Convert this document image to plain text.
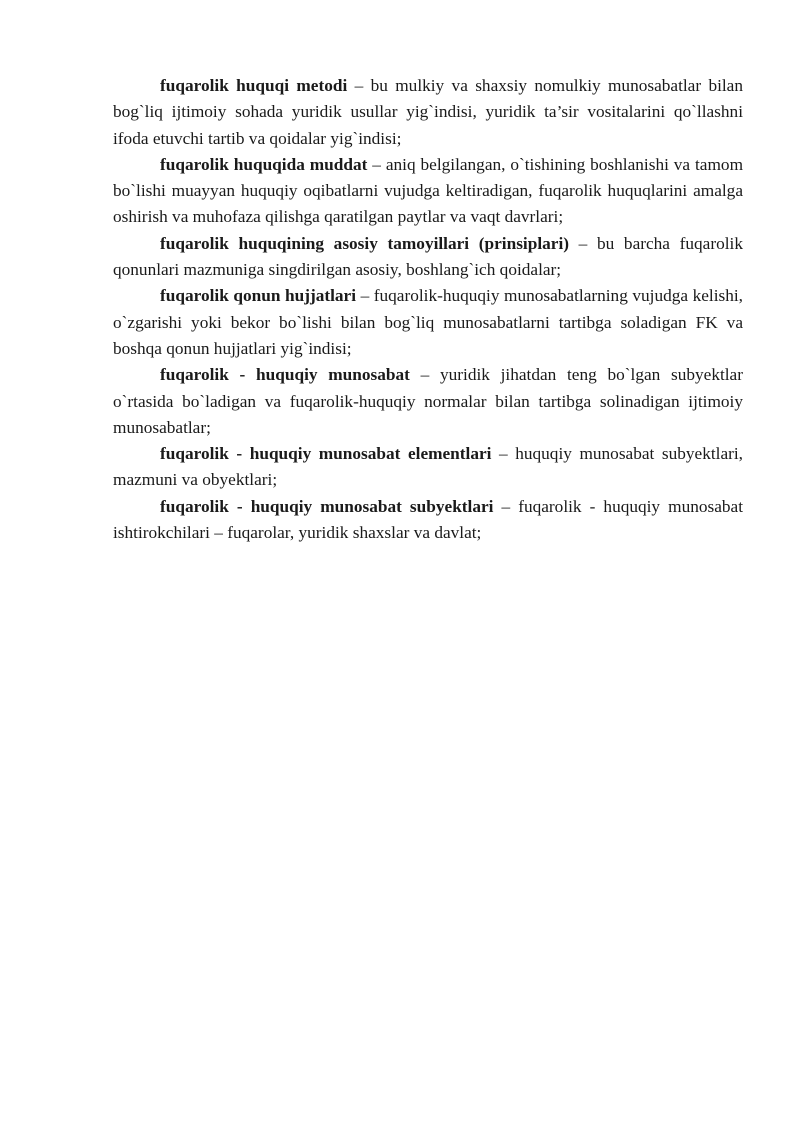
fuqarolik huquqi metodi – bu mulkiy va shaxsiy nomulkiy munosabatlar bilan bog`liq ijtimoiy sohada yuridik usullar yig`indisi, yuridik ta’sir vositalarini qo`llashni ifoda etuvchi tartib va qoidalar yig`indisi;

fuqarolik huquqida muddat – aniq belgilangan, o`tishining boshlanishi va tamom bo`lishi muayyan huquqiy oqibatlarni vujudga keltiradigan, fuqarolik huquqlarini amalga oshirish va muhofaza qilishga qaratilgan paytlar va vaqt davrlari;

fuqarolik huquqining asosiy tamoyillari (prinsiplari) – bu barcha fuqarolik qonunlari mazmuniga singdirilgan asosiy, boshlang`ich qoidalar;

fuqarolik qonun hujjatlari – fuqarolik-huquqiy munosabatlarning vujudga kelishi, o`zgarishi yoki bekor bo`lishi bilan bog`liq munosabatlarni tartibga soladigan FK va boshqa qonun hujjatlari yig`indisi;

fuqarolik - huquqiy munosabat – yuridik jihatdan teng bo`lgan subyektlar o`rtasida bo`ladigan va fuqarolik-huquqiy normalar bilan tartibga solinadigan ijtimoiy munosabatlar;

fuqarolik - huquqiy munosabat elementlari – huquqiy munosabat subyektlari, mazmuni va obyektlari;

fuqarolik - huquqiy munosabat subyektlari – fuqarolik - huquqiy munosabat ishtirokchilari – fuqarolar, yuridik shaxslar va davlat;
